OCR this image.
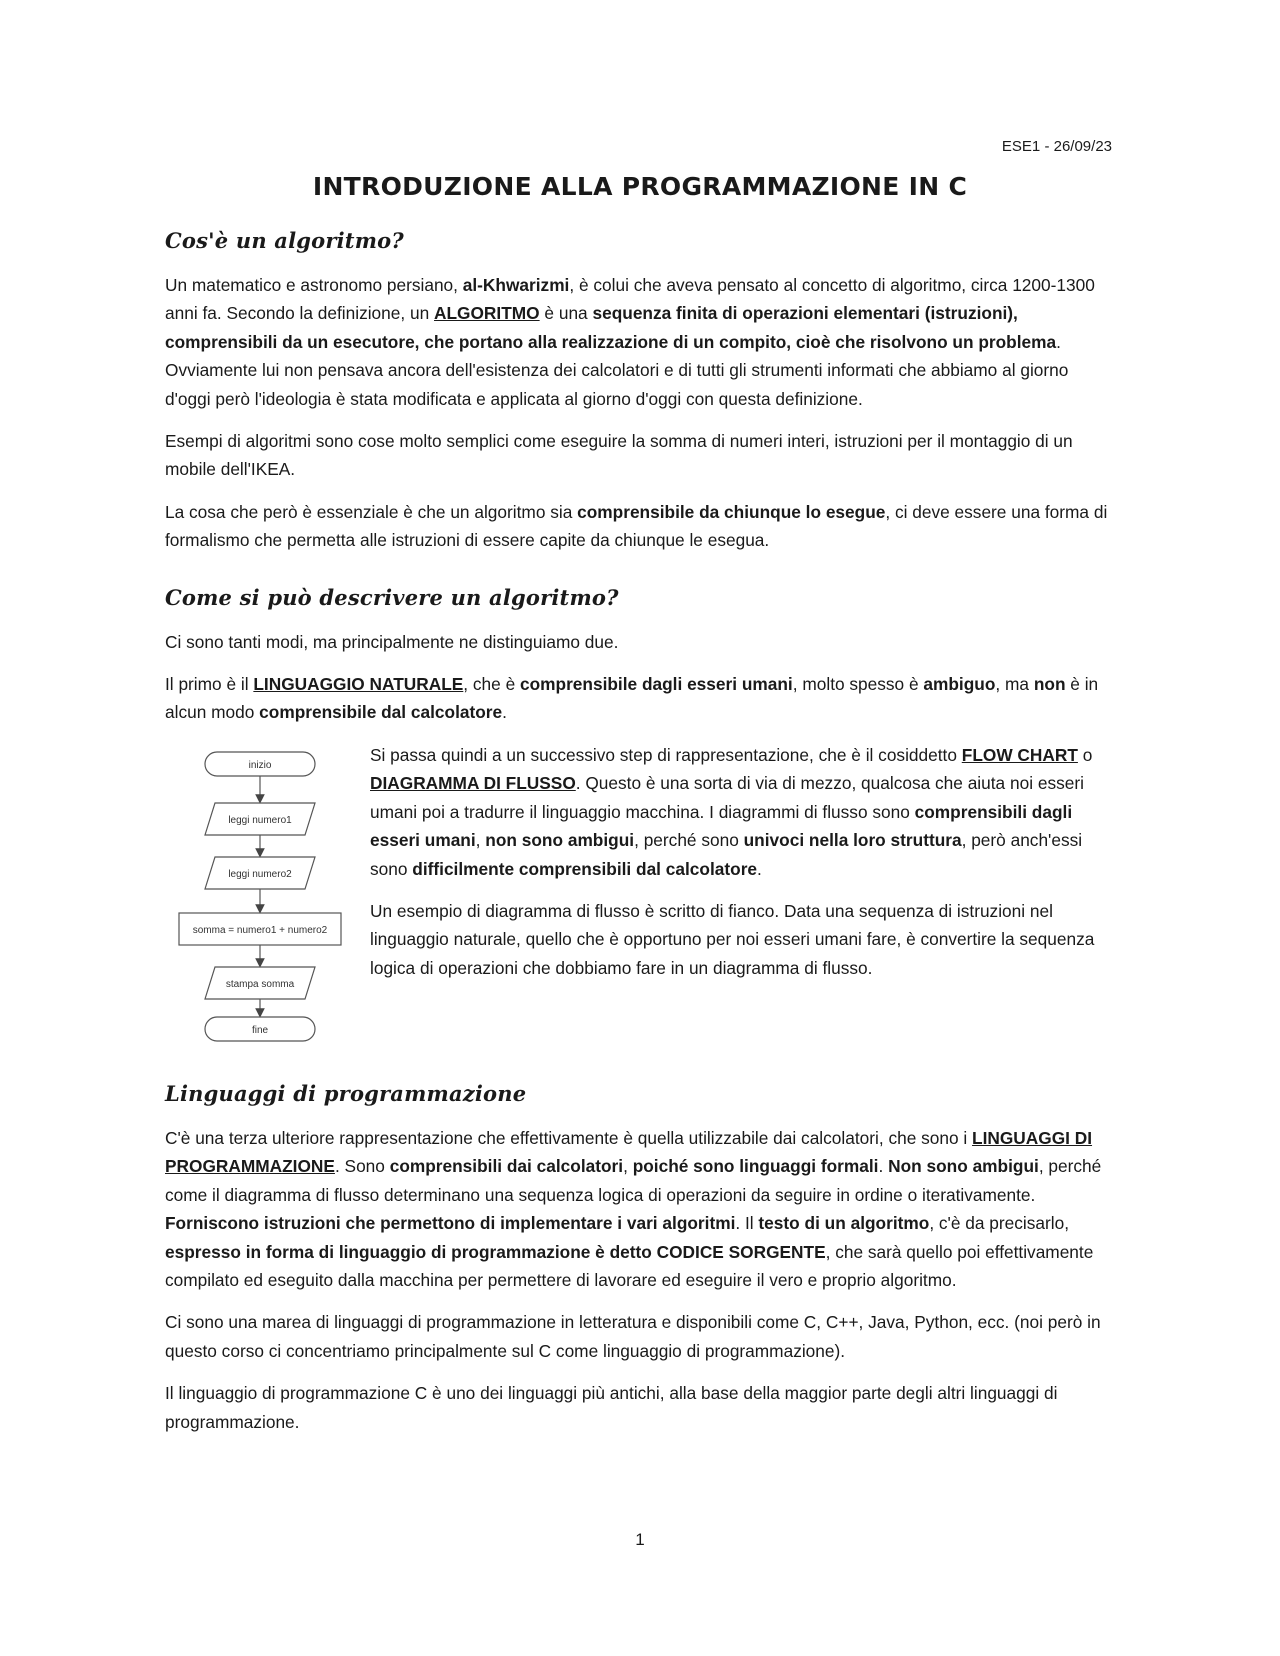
ESE1 - 26/09/23
INTRODUZIONE ALLA PROGRAMMAZIONE IN C
Cos'è un algoritmo?

Un matematico e astronomo persiano, al-Khwarizmi, è colui che aveva pensato al concetto di algoritmo, circa 1200-1300 anni fa. Secondo la definizione, un ALGORITMO è una sequenza finita di operazioni elementari (istruzioni), comprensibili da un esecutore, che portano alla realizzazione di un compito, cioè che risolvono un problema. Ovviamente lui non pensava ancora dell'esistenza dei calcolatori e di tutti gli strumenti informati che abbiamo al giorno d'oggi però l'ideologia è stata modificata e applicata al giorno d'oggi con questa definizione.

Esempi di algoritmi sono cose molto semplici come eseguire la somma di numeri interi, istruzioni per il montaggio di un mobile dell'IKEA.

La cosa che però è essenziale è che un algoritmo sia comprensibile da chiunque lo esegue, ci deve essere una forma di formalismo che permetta alle istruzioni di essere capite da chiunque le esegua.

Come si può descrivere un algoritmo?

Ci sono tanti modi, ma principalmente ne distinguiamo due.

Il primo è il LINGUAGGIO NATURALE, che è comprensibile dagli esseri umani, molto spesso è ambiguo, ma non è in alcun modo comprensibile dal calcolatore.

inizio
leggi numero1
leggi numero2
somma = numero1 + numero2
stampa somma
fine

Si passa quindi a un successivo step di rappresentazione, che è il cosiddetto FLOW CHART o DIAGRAMMA DI FLUSSO. Questo è una sorta di via di mezzo, qualcosa che aiuta noi esseri umani poi a tradurre il linguaggio macchina. I diagrammi di flusso sono comprensibili dagli esseri umani, non sono ambigui, perché sono univoci nella loro struttura, però anch'essi sono difficilmente comprensibili dal calcolatore.

Un esempio di diagramma di flusso è scritto di fianco. Data una sequenza di istruzioni nel linguaggio naturale, quello che è opportuno per noi esseri umani fare, è convertire la sequenza logica di operazioni che dobbiamo fare in un diagramma di flusso.

Linguaggi di programmazione

C'è una terza ulteriore rappresentazione che effettivamente è quella utilizzabile dai calcolatori, che sono i LINGUAGGI DI PROGRAMMAZIONE. Sono comprensibili dai calcolatori, poiché sono linguaggi formali. Non sono ambigui, perché come il diagramma di flusso determinano una sequenza logica di operazioni da seguire in ordine o iterativamente. Forniscono istruzioni che permettono di implementare i vari algoritmi. Il testo di un algoritmo, c'è da precisarlo, espresso in forma di linguaggio di programmazione è detto CODICE SORGENTE, che sarà quello poi effettivamente compilato ed eseguito dalla macchina per permettere di lavorare ed eseguire il vero e proprio algoritmo.

Ci sono una marea di linguaggi di programmazione in letteratura e disponibili come C, C++, Java, Python, ecc. (noi però in questo corso ci concentriamo principalmente sul C come linguaggio di programmazione).

Il linguaggio di programmazione C è uno dei linguaggi più antichi, alla base della maggior parte degli altri linguaggi di programmazione.

1
